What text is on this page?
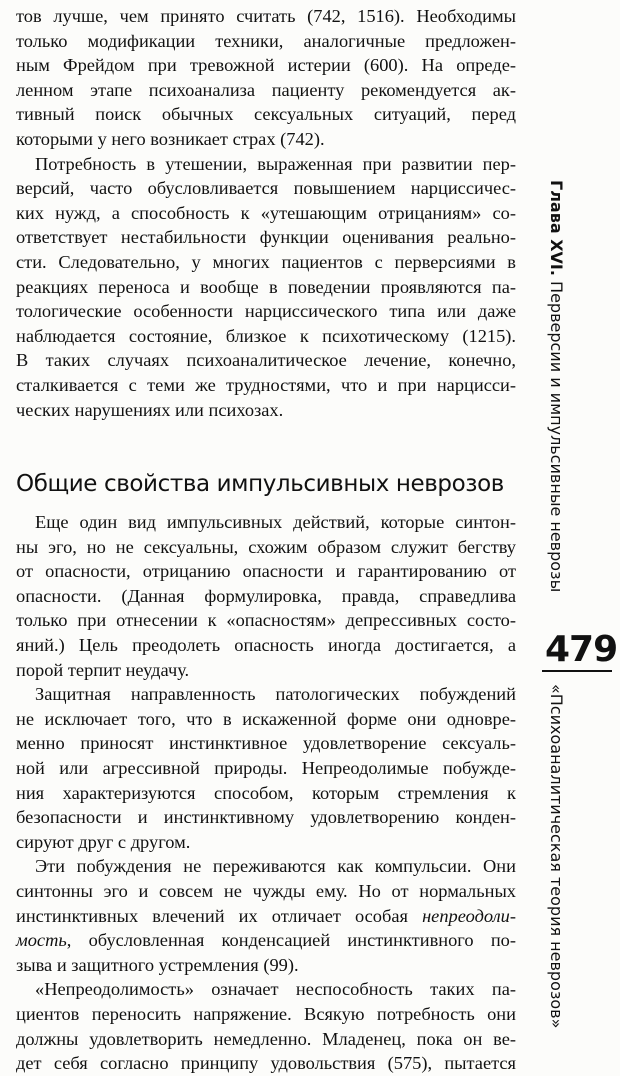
тов лучше, чем принято считать (742, 1516). Необходимы
только модификации техники, аналогичные предложен-
ным Фрейдом при тревожной истерии (600). На опреде-
ленном этапе психоанализа пациенту рекомендуется ак-
тивный поиск обычных сексуальных ситуаций, перед
которыми у него возникает страх (742).

Потребность в утешении, выраженная при развитии пер-
версий, часто обусловливается повышением нарциссичес-
ких нужд, а способность к «утешающим отрицаниям» со-
ответствует нестабильности функции оценивания реально-
сти. Следовательно, у многих пациентов с перверсиями в
реакциях переноса и вообще в поведении проявляются па-
тологические особенности нарциссического типа или даже
наблюдается состояние, близкое к психотическому (1215).
В таких случаях психоаналитическое лечение, конечно,
сталкивается с теми же трудностями, что и при нарцисси-
ческих нарушениях или психозах.

Общие свойства импульсивных неврозов

Еще один вид импульсивных действий, которые синтон-
ны эго, но не сексуальны, схожим образом служит бегству
от опасности, отрицанию опасности и гарантированию от
опасности. (Данная формулировка, правда, справедлива
только при отнесении к «опасностям» депрессивных состо-
яний.) Цель преодолеть опасность иногда достигается, а
порой терпит неудачу.

Защитная направленность патологических побуждений
не исключает того, что в искаженной форме они одновре-
менно приносят инстинктивное удовлетворение сексуаль-
ной или агрессивной природы. Непреодолимые побужде-
ния характеризуются способом, которым стремления к
безопасности и инстинктивному удовлетворению конден-
сируют друг с другом.

Эти побуждения не переживаются как компульсии. Они
синтонны эго и совсем не чужды ему. Но от нормальных
инстинктивных влечений их отличает особая непреодоли-
мость, обусловленная конденсацией инстинктивного по-
зыва и защитного устремления (99).

«Непреодолимость» означает неспособность таких па-
циентов переносить напряжение. Всякую потребность они
должны удовлетворить немедленно. Младенец, пока он ве-
дет себя согласно принципу удовольствия (575), пытается

Глава XVI. Перверсии и импульсивные неврозы
479
«Психоаналитическая теория неврозов»
